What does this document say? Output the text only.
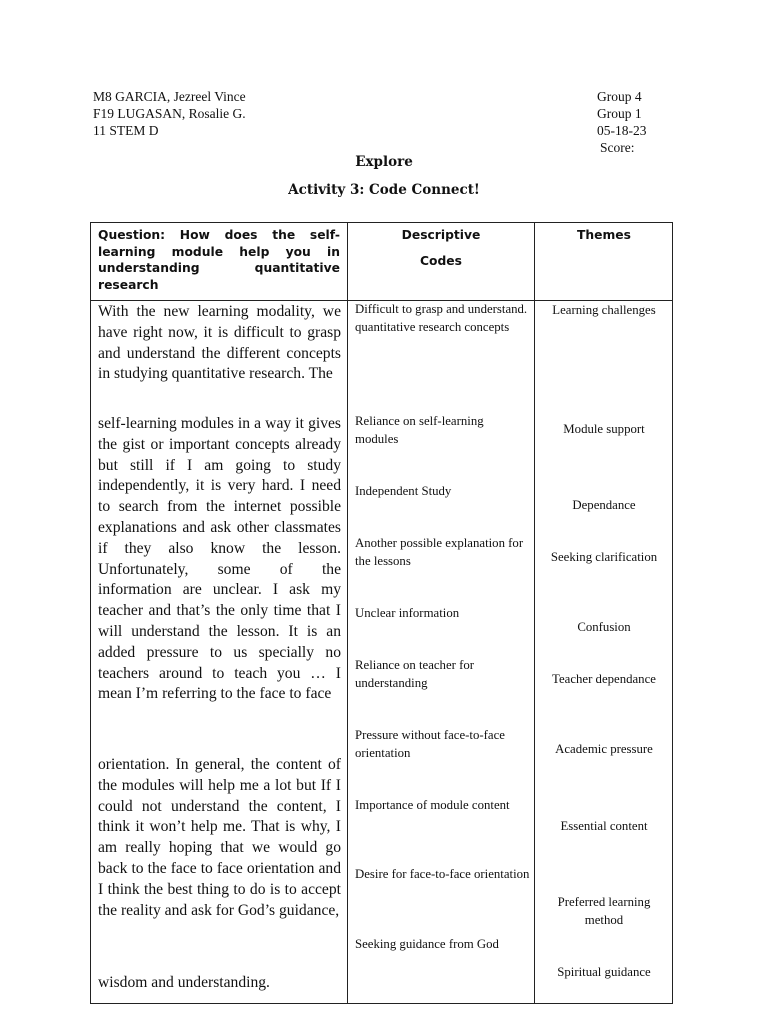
M8 GARCIA, Jezreel Vince
F19 LUGASAN, Rosalie G.
11 STEM D
Group 4
Group 1
05-18-23
Score:
Explore
Activity 3: Code Connect!
Question: How does the self-learning module help you in understanding quantitative research
Descriptive
Codes
Themes
With the new learning modality, we have right now, it is difficult to grasp and understand the different concepts in studying quantitative research. The
self-learning modules in a way it gives the gist or important concepts already but still if I am going to study independently, it is very hard. I need to search from the internet possible explanations and ask other classmates if they also know the lesson. Unfortunately, some of the information are unclear. I ask my teacher and that’s the only time that I will understand the lesson. It is an added pressure to us specially no teachers around to teach you … I mean I’m referring to the face to face
orientation. In general, the content of the modules will help me a lot but If I could not understand the content, I think it won’t help me. That is why, I am really hoping that we would go back to the face to face orientation and I think the best thing to do is to accept the reality and ask for God’s guidance,
wisdom and understanding.
Difficult to grasp and understand. quantitative research concepts
Reliance on self-learning modules
Independent Study
Another possible explanation for the lessons
Unclear information
Reliance on teacher for understanding
Pressure without face-to-face orientation
Importance of module content
Desire for face-to-face orientation
Seeking guidance from God
Learning challenges
Module support
Dependance
Seeking clarification
Confusion
Teacher dependance
Academic pressure
Essential content
Preferred learning method
Spiritual guidance
